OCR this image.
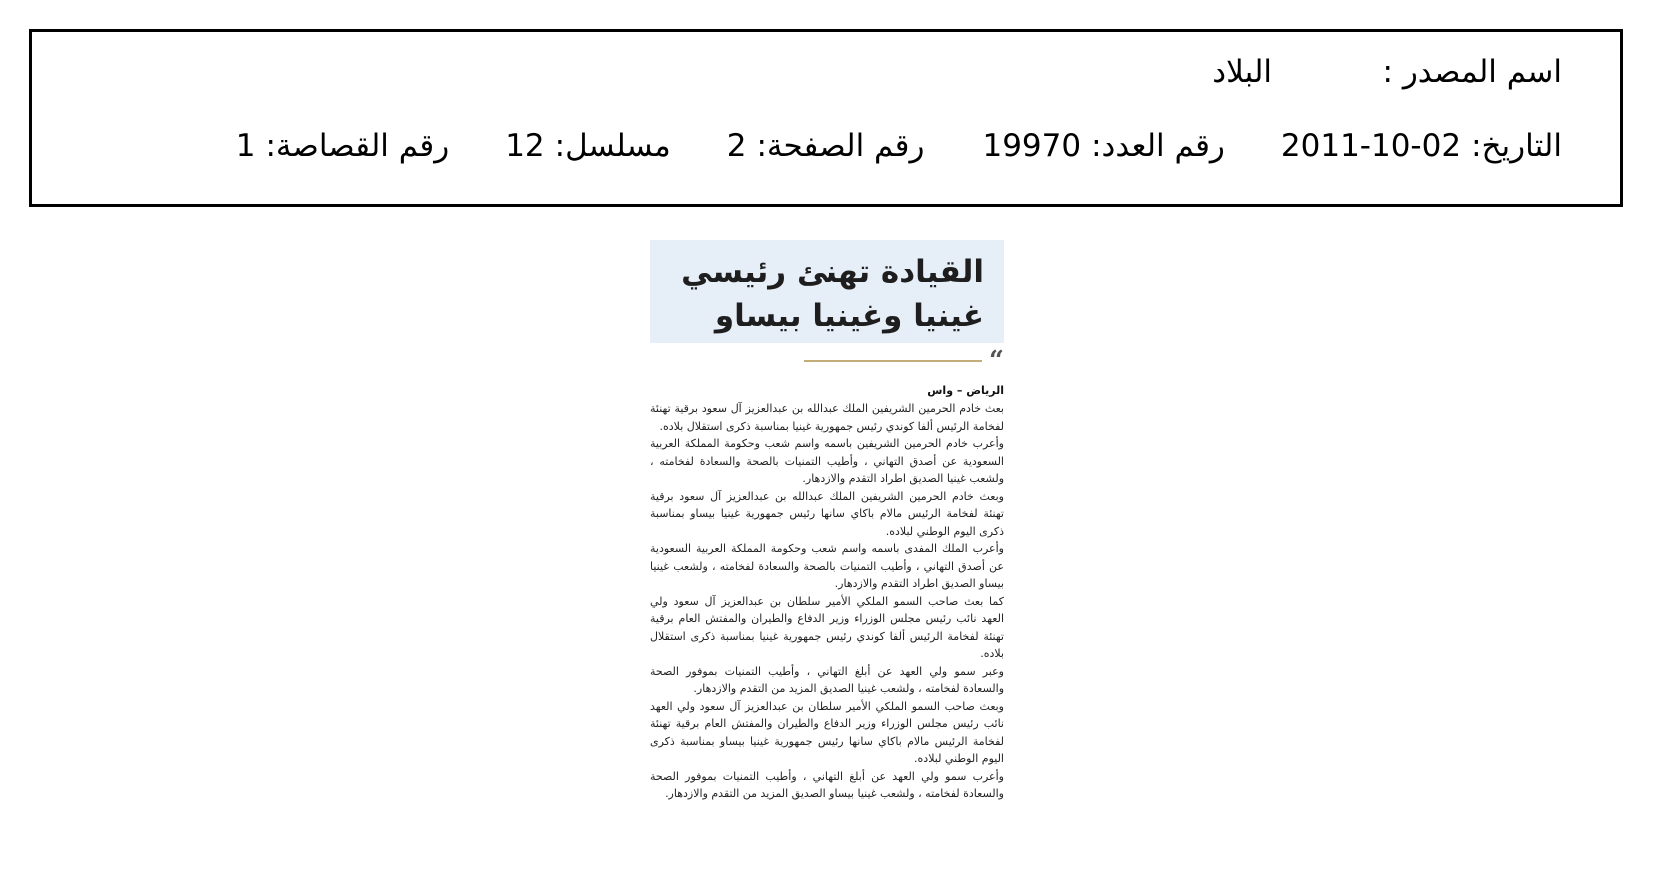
اسم المصدر :
البلاد
التاريخ:
2011-10-02
رقم العدد:
19970
رقم الصفحة:
2
مسلسل:
12
رقم القصاصة:
1
القيادة تهنئ رئيسي
غينيا وغينيا بيساو
“

الرياض – واس

بعث خادم الحرمين الشريفين الملك عبدالله بن عبدالعزيز آل سعود برقية تهنئة لفخامة الرئيس ألفا كوندي رئيس جمهورية غينيا بمناسبة ذكرى استقلال بلاده.

وأعرب خادم الحرمين الشريفين باسمه واسم شعب وحكومة المملكة العربية السعودية عن أصدق التهاني ، وأطيب التمنيات بالصحة والسعادة لفخامته ، ولشعب غينيا الصديق اطراد التقدم والازدهار.

وبعث خادم الحرمين الشريفين الملك عبدالله بن عبدالعزيز آل سعود برقية تهنئة لفخامة الرئيس مالام باكاي سانها رئيس جمهورية غينيا بيساو بمناسبة ذكرى اليوم الوطني لبلاده.

وأعرب الملك المفدى باسمه واسم شعب وحكومة المملكة العربية السعودية عن أصدق التهاني ، وأطيب التمنيات بالصحة والسعادة لفخامته ، ولشعب غينيا بيساو الصديق اطراد التقدم والازدهار.

كما بعث صاحب السمو الملكي الأمير سلطان بن عبدالعزيز آل سعود ولي العهد نائب رئيس مجلس الوزراء وزير الدفاع والطيران والمفتش العام برقية تهنئة لفخامة الرئيس ألفا كوندي رئيس جمهورية غينيا بمناسبة ذكرى استقلال بلاده.

وعبر سمو ولي العهد عن أبلغ التهاني ، وأطيب التمنيات بموفور الصحة والسعادة لفخامته ، ولشعب غينيا الصديق المزيد من التقدم والازدهار.

وبعث صاحب السمو الملكي الأمير سلطان بن عبدالعزيز آل سعود ولي العهد نائب رئيس مجلس الوزراء وزير الدفاع والطيران والمفتش العام برقية تهنئة لفخامة الرئيس مالام باكاي سانها رئيس جمهورية غينيا بيساو بمناسبة ذكرى اليوم الوطني لبلاده.

وأعرب سمو ولي العهد عن أبلغ التهاني ، وأطيب التمنيات بموفور الصحة والسعادة لفخامته ، ولشعب غينيا بيساو الصديق المزيد من التقدم والازدهار.
